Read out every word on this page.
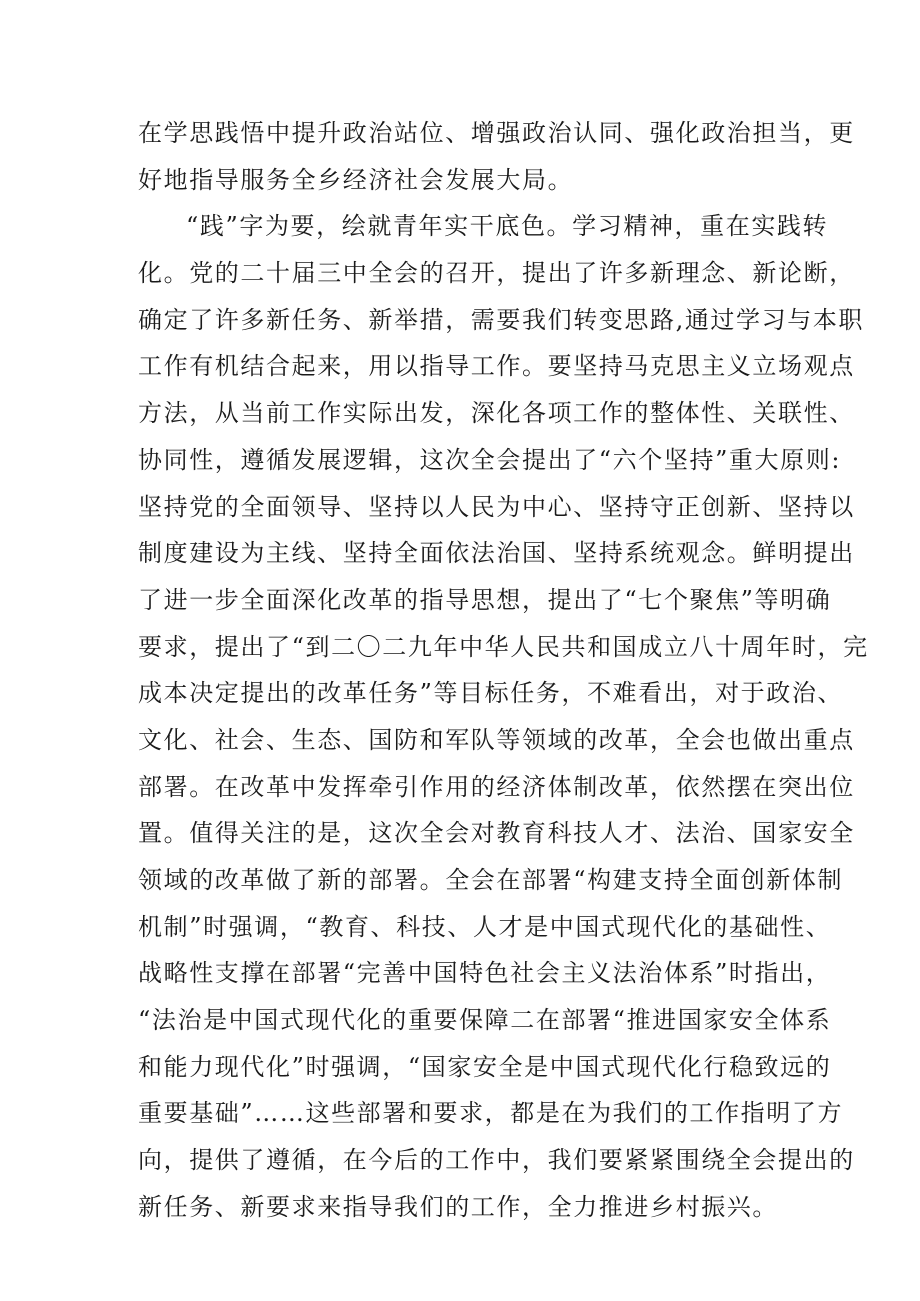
在学思践悟中提升政治站位、增强政治认同、强化政治担当，更
好地指导服务全乡经济社会发展大局。
“践”字为要，绘就青年实干底色。学习精神，重在实践转
化。党的二十届三中全会的召开，提出了许多新理念、新论断，
确定了许多新任务、新举措，需要我们转变思路,通过学习与本职
工作有机结合起来，用以指导工作。要坚持马克思主义立场观点
方法，从当前工作实际出发，深化各项工作的整体性、关联性、
协同性，遵循发展逻辑，这次全会提出了“六个坚持”重大原则:
坚持党的全面领导、坚持以人民为中心、坚持守正创新、坚持以
制度建设为主线、坚持全面依法治国、坚持系统观念。鲜明提出
了进一步全面深化改革的指导思想，提出了“七个聚焦”等明确
要求，提出了“到二〇二九年中华人民共和国成立八十周年时，完
成本决定提出的改革任务”等目标任务，不难看出，对于政治、
文化、社会、生态、国防和军队等领域的改革，全会也做出重点
部署。在改革中发挥牵引作用的经济体制改革，依然摆在突出位
置。值得关注的是，这次全会对教育科技人才、法治、国家安全
领域的改革做了新的部署。全会在部署“构建支持全面创新体制
机制”时强调，“教育、科技、人才是中国式现代化的基础性、
战略性支撑在部署“完善中国特色社会主义法治体系”时指出，
“法治是中国式现代化的重要保障二在部署“推进国家安全体系
和能力现代化”时强调，“国家安全是中国式现代化行稳致远的
重要基础”……这些部署和要求，都是在为我们的工作指明了方
向，提供了遵循，在今后的工作中，我们要紧紧围绕全会提出的
新任务、新要求来指导我们的工作，全力推进乡村振兴。
